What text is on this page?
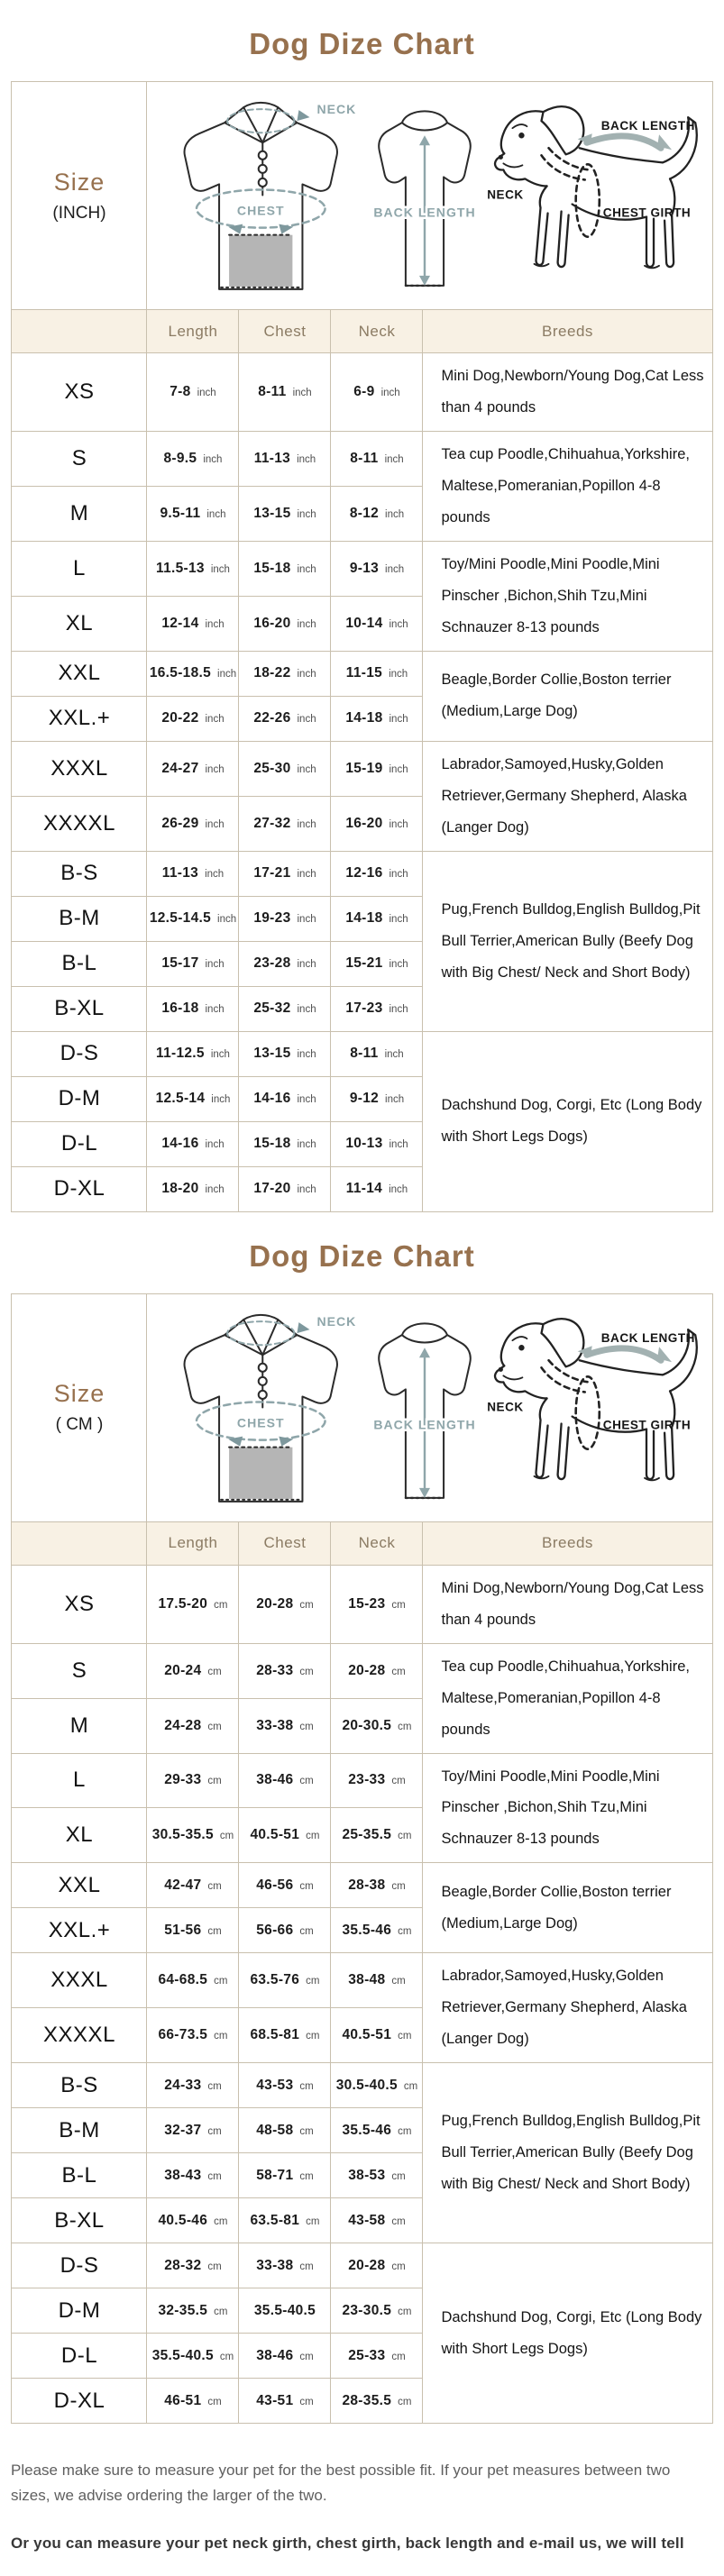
Dog Dize Chart
Size
(INCH)

NECK
CHEST	BACK LENGTH
NECK
CHEST GIRTH
BACK LENGTH

	Length	Chest	Neck	Breeds
XS	7-8 inch	8-11 inch	6-9 inch	Mini Dog,Newborn/Young Dog,Cat Less than 4 pounds
S	8-9.5 inch	11-13 inch	8-11 inch	Tea cup Poodle,Chihuahua,Yorkshire, Maltese,Pomeranian,Popillon 4-8 pounds
M	9.5-11 inch	13-15 inch	8-12 inch	
L	11.5-13 inch	15-18 inch	9-13 inch	Toy/Mini Poodle,Mini Poodle,Mini Pinscher ,Bichon,Shih Tzu,Mini Schnauzer 8-13 pounds
XL	12-14 inch	16-20 inch	10-14 inch	
XXL	16.5-18.5 inch	18-22 inch	11-15 inch	Beagle,Border Collie,Boston terrier (Medium,Large Dog)
XXL.+	20-22 inch	22-26 inch	14-18 inch	
XXXL	24-27 inch	25-30 inch	15-19 inch	Labrador,Samoyed,Husky,Golden Retriever,Germany Shepherd, Alaska (Langer Dog)
XXXXL	26-29 inch	27-32 inch	16-20 inch	
B-S	11-13 inch	17-21 inch	12-16 inch	Pug,French Bulldog,English Bulldog,Pit Bull Terrier,American Bully (Beefy Dog with Big Chest/ Neck and Short Body)
B-M	12.5-14.5 inch	19-23 inch	14-18 inch	
B-L	15-17 inch	23-28 inch	15-21 inch	
B-XL	16-18 inch	25-32 inch	17-23 inch	
D-S	11-12.5 inch	13-15 inch	8-11 inch	Dachshund Dog, Corgi, Etc (Long Body with Short Legs Dogs)
D-M	12.5-14 inch	14-16 inch	9-12 inch	
D-L	14-16 inch	15-18 inch	10-13 inch	
D-XL	18-20 inch	17-20 inch	11-14 inch	
Dog Dize Chart
Size
( CM )

NECK
CHEST	BACK LENGTH
NECK
CHEST GIRTH
BACK LENGTH

	Length	Chest	Neck	Breeds
XS	17.5-20 cm	20-28 cm	15-23 cm	Mini Dog,Newborn/Young Dog,Cat Less than 4 pounds
S	20-24 cm	28-33 cm	20-28 cm	Tea cup Poodle,Chihuahua,Yorkshire, Maltese,Pomeranian,Popillon 4-8 pounds
M	24-28 cm	33-38 cm	20-30.5 cm	
L	29-33 cm	38-46 cm	23-33 cm	Toy/Mini Poodle,Mini Poodle,Mini Pinscher ,Bichon,Shih Tzu,Mini Schnauzer 8-13 pounds
XL	30.5-35.5 cm	40.5-51 cm	25-35.5 cm	
XXL	42-47 cm	46-56 cm	28-38 cm	Beagle,Border Collie,Boston terrier (Medium,Large Dog)
XXL.+	51-56 cm	56-66 cm	35.5-46 cm	
XXXL	64-68.5 cm	63.5-76 cm	38-48 cm	Labrador,Samoyed,Husky,Golden Retriever,Germany Shepherd, Alaska (Langer Dog)
XXXXL	66-73.5 cm	68.5-81 cm	40.5-51 cm	
B-S	24-33 cm	43-53 cm	30.5-40.5 cm	Pug,French Bulldog,English Bulldog,Pit Bull Terrier,American Bully (Beefy Dog with Big Chest/ Neck and Short Body)
B-M	32-37 cm	48-58 cm	35.5-46 cm	
B-L	38-43 cm	58-71 cm	38-53 cm	
B-XL	40.5-46 cm	63.5-81 cm	43-58 cm	
D-S	28-32 cm	33-38 cm	20-28 cm	Dachshund Dog, Corgi, Etc (Long Body with Short Legs Dogs)
D-M	32-35.5 cm	35.5-40.5	23-30.5 cm	
D-L	35.5-40.5 cm	38-46 cm	25-33 cm	
D-XL	46-51 cm	43-51 cm	28-35.5 cm	

Please make sure to measure your pet for the best possible fit. If your pet measures between two sizes, we advise ordering the larger of the two.

Or you can measure your pet neck girth, chest girth, back length and e-mail us, we will tell
